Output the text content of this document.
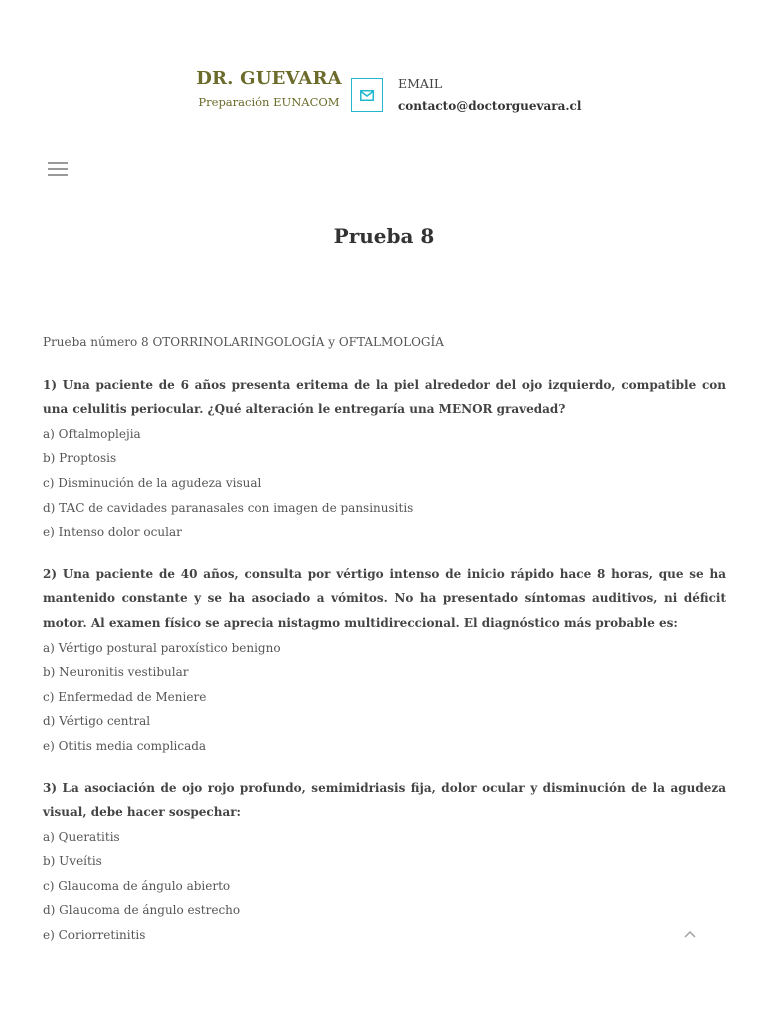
DR. GUEVARA
Preparación EUNACOM
EMAIL
contacto@doctorguevara.cl
Prueba 8

Prueba número 8 OTORRINOLARINGOLOGÍA y OFTALMOLOGÍA

1) Una paciente de 6 años presenta eritema de la piel alrededor del ojo izquierdo, compatible con una celulitis periocular. ¿Qué alteración le entregaría una MENOR gravedad?

a) Oftalmoplejia

b) Proptosis

c) Disminución de la agudeza visual

d) TAC de cavidades paranasales con imagen de pansinusitis

e) Intenso dolor ocular

2) Una paciente de 40 años, consulta por vértigo intenso de inicio rápido hace 8 horas, que se ha mantenido constante y se ha asociado a vómitos. No ha presentado síntomas auditivos, ni déficit motor. Al examen físico se aprecia nistagmo multidireccional. El diagnóstico más probable es:

a) Vértigo postural paroxístico benigno

b) Neuronitis vestibular

c) Enfermedad de Meniere

d) Vértigo central

e) Otitis media complicada

3) La asociación de ojo rojo profundo, semimidriasis fija, dolor ocular y disminución de la agudeza visual, debe hacer sospechar:

a) Queratitis

b) Uveítis

c) Glaucoma de ángulo abierto

d) Glaucoma de ángulo estrecho

e) Coriorretinitis
